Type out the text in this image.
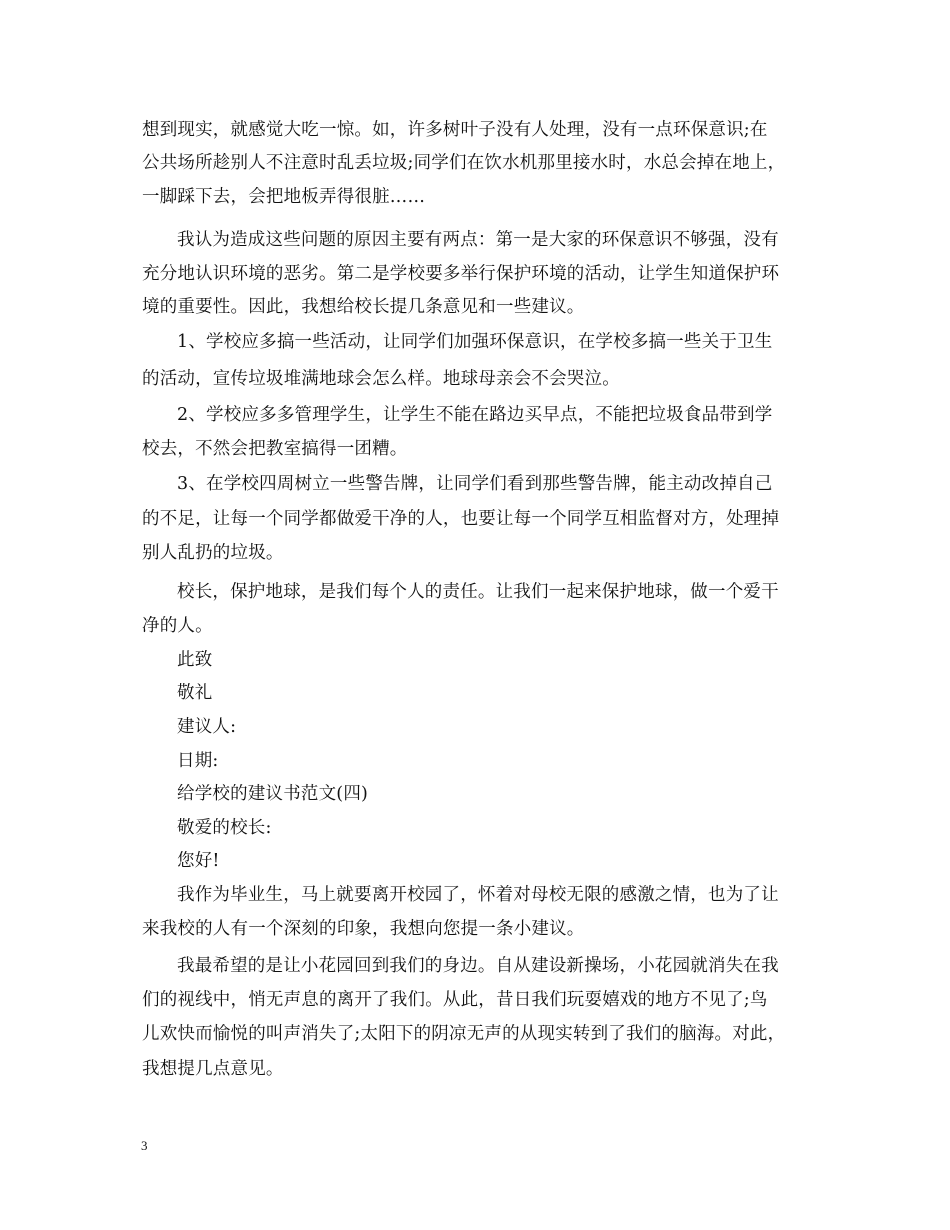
想到现实，就感觉大吃一惊。如，许多树叶子没有人处理，没有一点环保意识;在
公共场所趁别人不注意时乱丢垃圾;同学们在饮水机那里接水时，水总会掉在地上，
一脚踩下去，会把地板弄得很脏……
我认为造成这些问题的原因主要有两点：第一是大家的环保意识不够强，没有
充分地认识环境的恶劣。第二是学校要多举行保护环境的活动，让学生知道保护环
境的重要性。因此，我想给校长提几条意见和一些建议。
1、学校应多搞一些活动，让同学们加强环保意识，在学校多搞一些关于卫生
的活动，宣传垃圾堆满地球会怎么样。地球母亲会不会哭泣。
2、学校应多多管理学生，让学生不能在路边买早点，不能把垃圾食品带到学
校去，不然会把教室搞得一团糟。
3、在学校四周树立一些警告牌，让同学们看到那些警告牌，能主动改掉自己
的不足，让每一个同学都做爱干净的人，也要让每一个同学互相监督对方，处理掉
别人乱扔的垃圾。
校长，保护地球，是我们每个人的责任。让我们一起来保护地球，做一个爱干
净的人。
此致
敬礼
建议人:
日期:
给学校的建议书范文(四)
敬爱的校长:
您好!
我作为毕业生，马上就要离开校园了，怀着对母校无限的感激之情，也为了让
来我校的人有一个深刻的印象，我想向您提一条小建议。
我最希望的是让小花园回到我们的身边。自从建设新操场，小花园就消失在我
们的视线中，悄无声息的离开了我们。从此，昔日我们玩耍嬉戏的地方不见了;鸟
儿欢快而愉悦的叫声消失了;太阳下的阴凉无声的从现实转到了我们的脑海。对此，
我想提几点意见。
3
